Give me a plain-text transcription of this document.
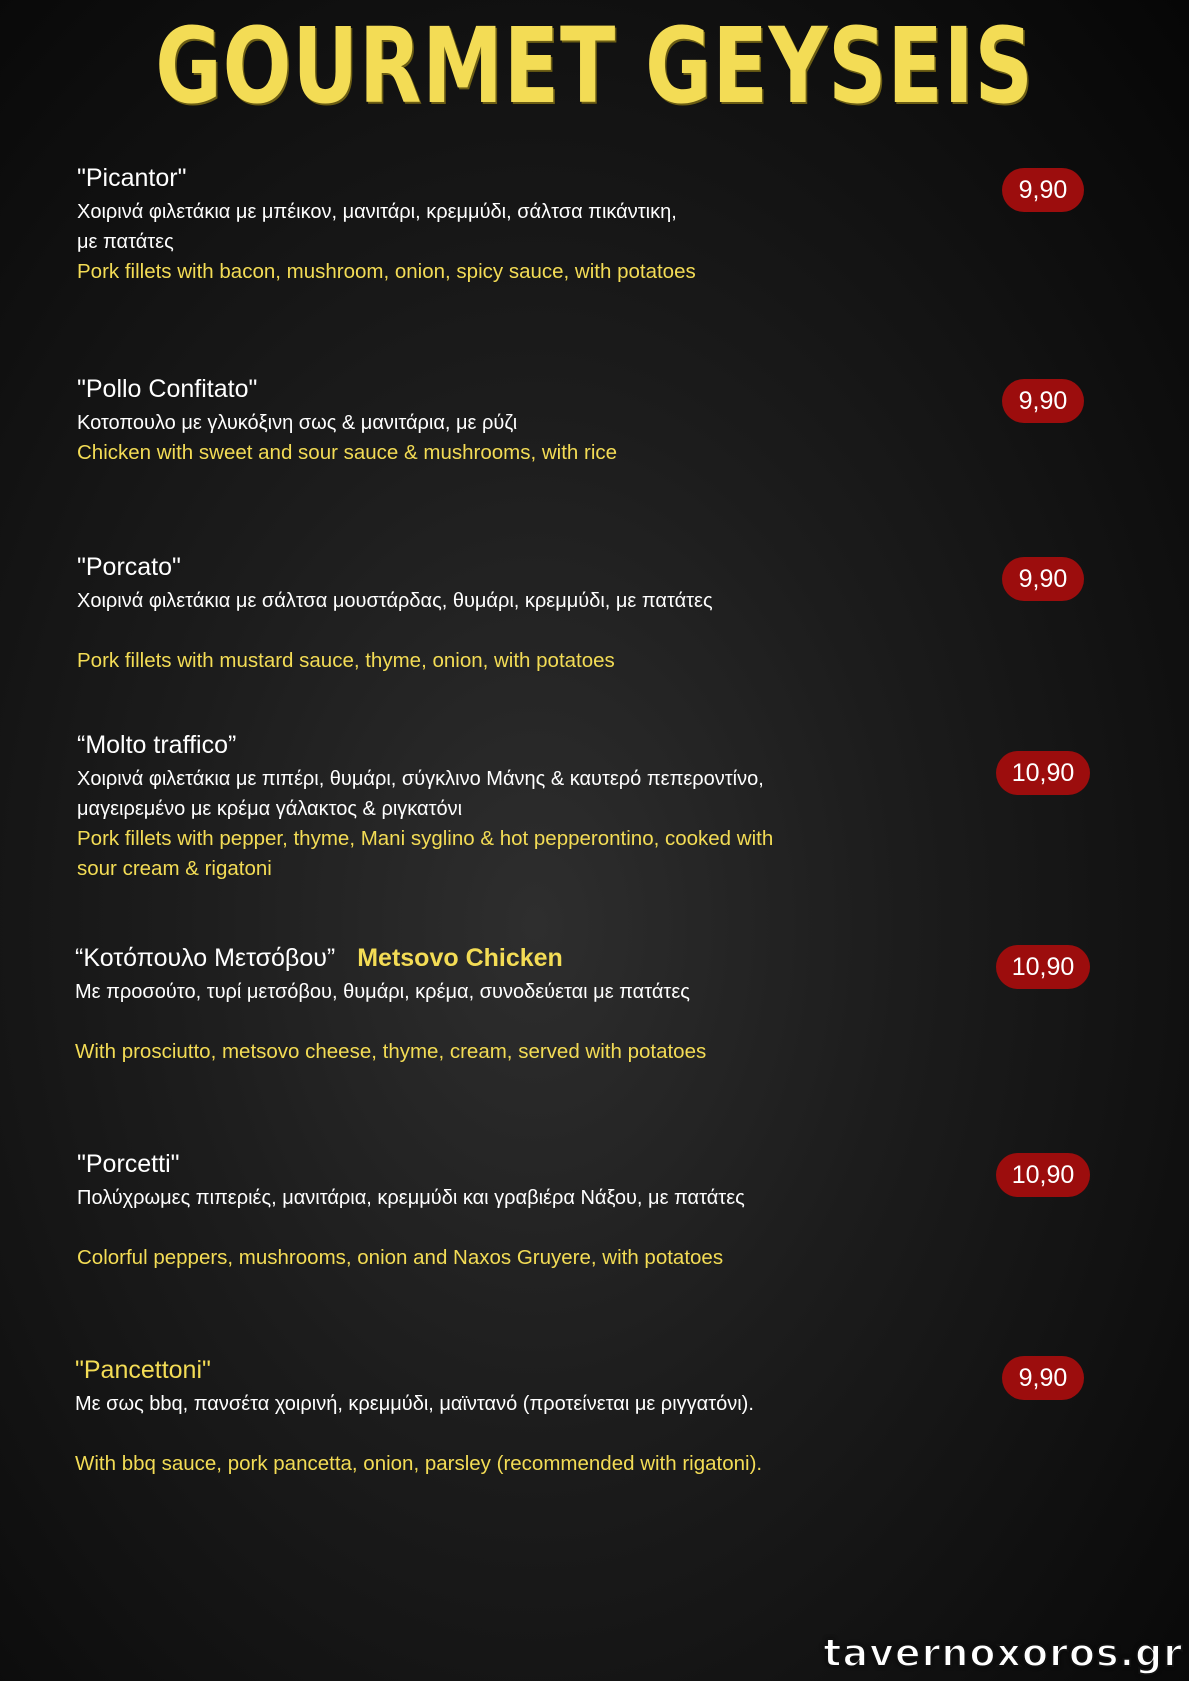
GOURMET GEYSEIS
"Picantor"
Χοιρινά φιλετάκια με μπέικον, μανιτάρι, κρεμμύδι, σάλτσα πικάντικη, με πατάτες
Pork fillets with bacon, mushroom, onion, spicy sauce, with potatoes
9,90
"Pollo Confitato"
Κοτοπουλο με γλυκόξινη σως & μανιτάρια, με ρύζι
Chicken with sweet and sour sauce & mushrooms, with rice
9,90
"Porcato"
Χοιρινά φιλετάκια με σάλτσα μουστάρδας, θυμάρι, κρεμμύδι, με πατάτες
Pork fillets with mustard sauce, thyme, onion, with potatoes
9,90
“Molto traffico”
Χοιρινά φιλετάκια με πιπέρι, θυμάρι, σύγκλινο Μάνης & καυτερό πεπεροντίνο, μαγειρεμένο με κρέμα γάλακτος & ριγκατόνι
Pork fillets with pepper, thyme, Mani syglino & hot pepperontino, cooked with sour cream & rigatoni
10,90
“Κοτόπουλο Μετσόβου” Metsovo Chicken
Με προσούτο, τυρί μετσόβου, θυμάρι, κρέμα, συνοδεύεται με πατάτες
With prosciutto, metsovo cheese, thyme, cream, served with potatoes
10,90
"Porcetti"
Πολύχρωμες πιπεριές, μανιτάρια, κρεμμύδι και γραβιέρα Νάξου, με πατάτες
Colorful peppers, mushrooms, onion and Naxos Gruyere, with potatoes
10,90
"Pancettoni"
Με σως bbq, πανσέτα χοιρινή, κρεμμύδι, μαϊντανό (προτείνεται με ριγγατόνι).
With bbq sauce, pork pancetta, onion, parsley (recommended with rigatoni).
9,90
tavernoxoros.gr
